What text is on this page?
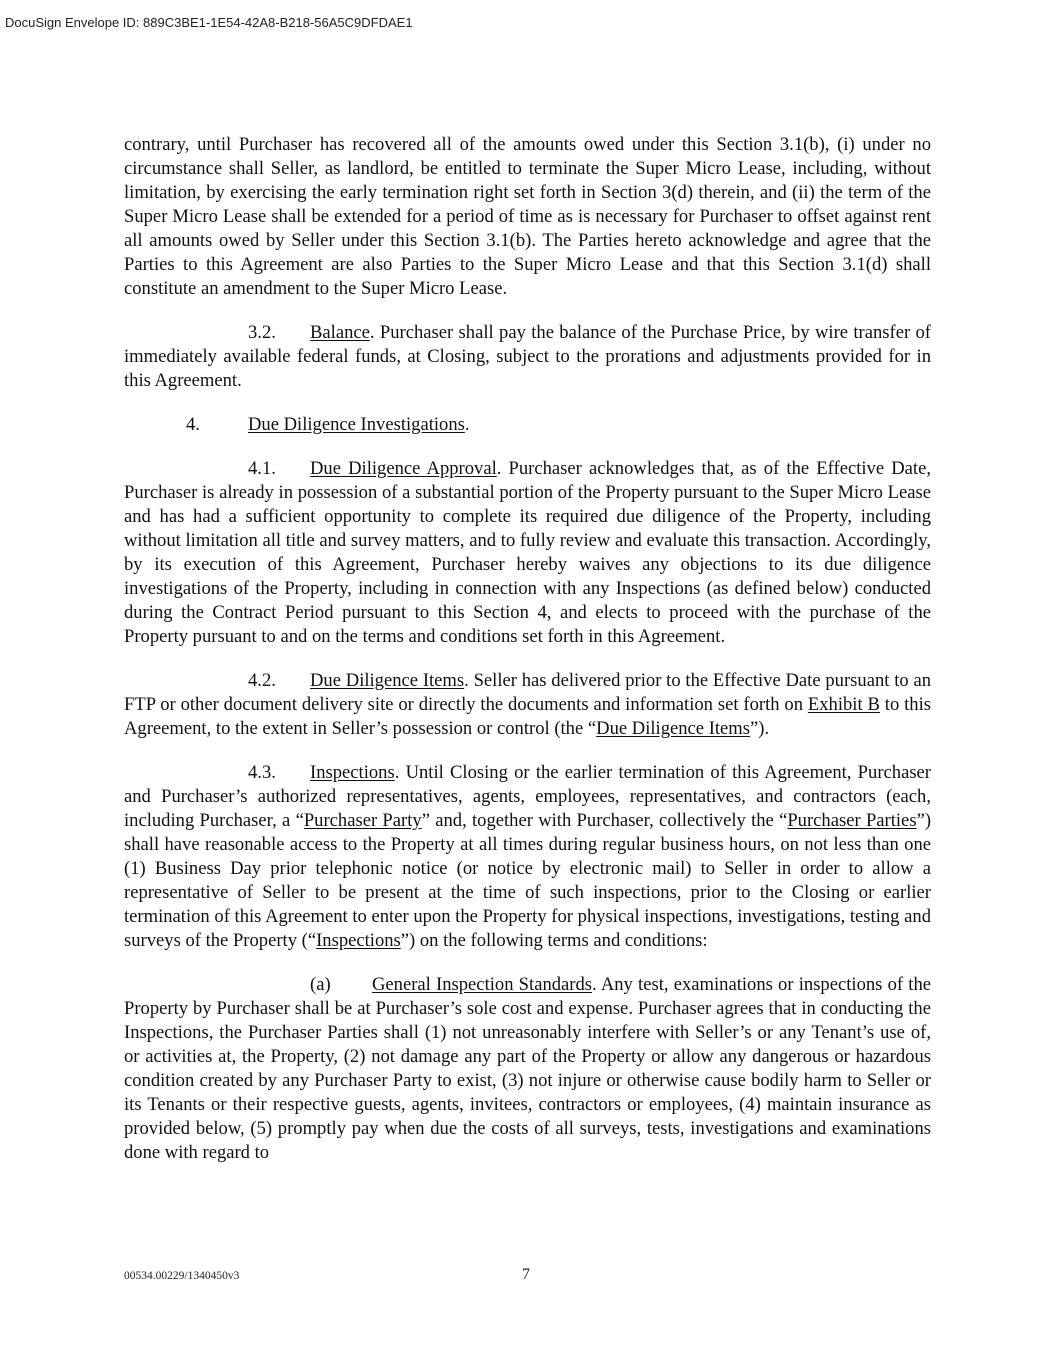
DocuSign Envelope ID: 889C3BE1-1E54-42A8-B218-56A5C9DFDAE1

contrary, until Purchaser has recovered all of the amounts owed under this Section 3.1(b), (i) under no circumstance shall Seller, as landlord, be entitled to terminate the Super Micro Lease, including, without limitation, by exercising the early termination right set forth in Section 3(d) therein, and (ii) the term of the Super Micro Lease shall be extended for a period of time as is necessary for Purchaser to offset against rent all amounts owed by Seller under this Section 3.1(b). The Parties hereto acknowledge and agree that the Parties to this Agreement are also Parties to the Super Micro Lease and that this Section 3.1(d) shall constitute an amendment to the Super Micro Lease.

3.2. Balance. Purchaser shall pay the balance of the Purchase Price, by wire transfer of immediately available federal funds, at Closing, subject to the prorations and adjustments provided for in this Agreement.

4.	Due Diligence Investigations.

4.1. Due Diligence Approval. Purchaser acknowledges that, as of the Effective Date, Purchaser is already in possession of a substantial portion of the Property pursuant to the Super Micro Lease and has had a sufficient opportunity to complete its required due diligence of the Property, including without limitation all title and survey matters, and to fully review and evaluate this transaction. Accordingly, by its execution of this Agreement, Purchaser hereby waives any objections to its due diligence investigations of the Property, including in connection with any Inspections (as defined below) conducted during the Contract Period pursuant to this Section 4, and elects to proceed with the purchase of the Property pursuant to and on the terms and conditions set forth in this Agreement.

4.2. Due Diligence Items. Seller has delivered prior to the Effective Date pursuant to an FTP or other document delivery site or directly the documents and information set forth on Exhibit B to this Agreement, to the extent in Seller’s possession or control (the “Due Diligence Items”).

4.3. Inspections. Until Closing or the earlier termination of this Agreement, Purchaser and Purchaser’s authorized representatives, agents, employees, representatives, and contractors (each, including Purchaser, a “Purchaser Party” and, together with Purchaser, collectively the “Purchaser Parties”) shall have reasonable access to the Property at all times during regular business hours, on not less than one (1) Business Day prior telephonic notice (or notice by electronic mail) to Seller in order to allow a representative of Seller to be present at the time of such inspections, prior to the Closing or earlier termination of this Agreement to enter upon the Property for physical inspections, investigations, testing and surveys of the Property (“Inspections”) on the following terms and conditions:

(a) General Inspection Standards. Any test, examinations or inspections of the Property by Purchaser shall be at Purchaser’s sole cost and expense. Purchaser agrees that in conducting the Inspections, the Purchaser Parties shall (1) not unreasonably interfere with Seller’s or any Tenant’s use of, or activities at, the Property, (2) not damage any part of the Property or allow any dangerous or hazardous condition created by any Purchaser Party to exist, (3) not injure or otherwise cause bodily harm to Seller or its Tenants or their respective guests, agents, invitees, contractors or employees, (4) maintain insurance as provided below, (5) promptly pay when due the costs of all surveys, tests, investigations and examinations done with regard to

00534.00229/1340450v3	7
